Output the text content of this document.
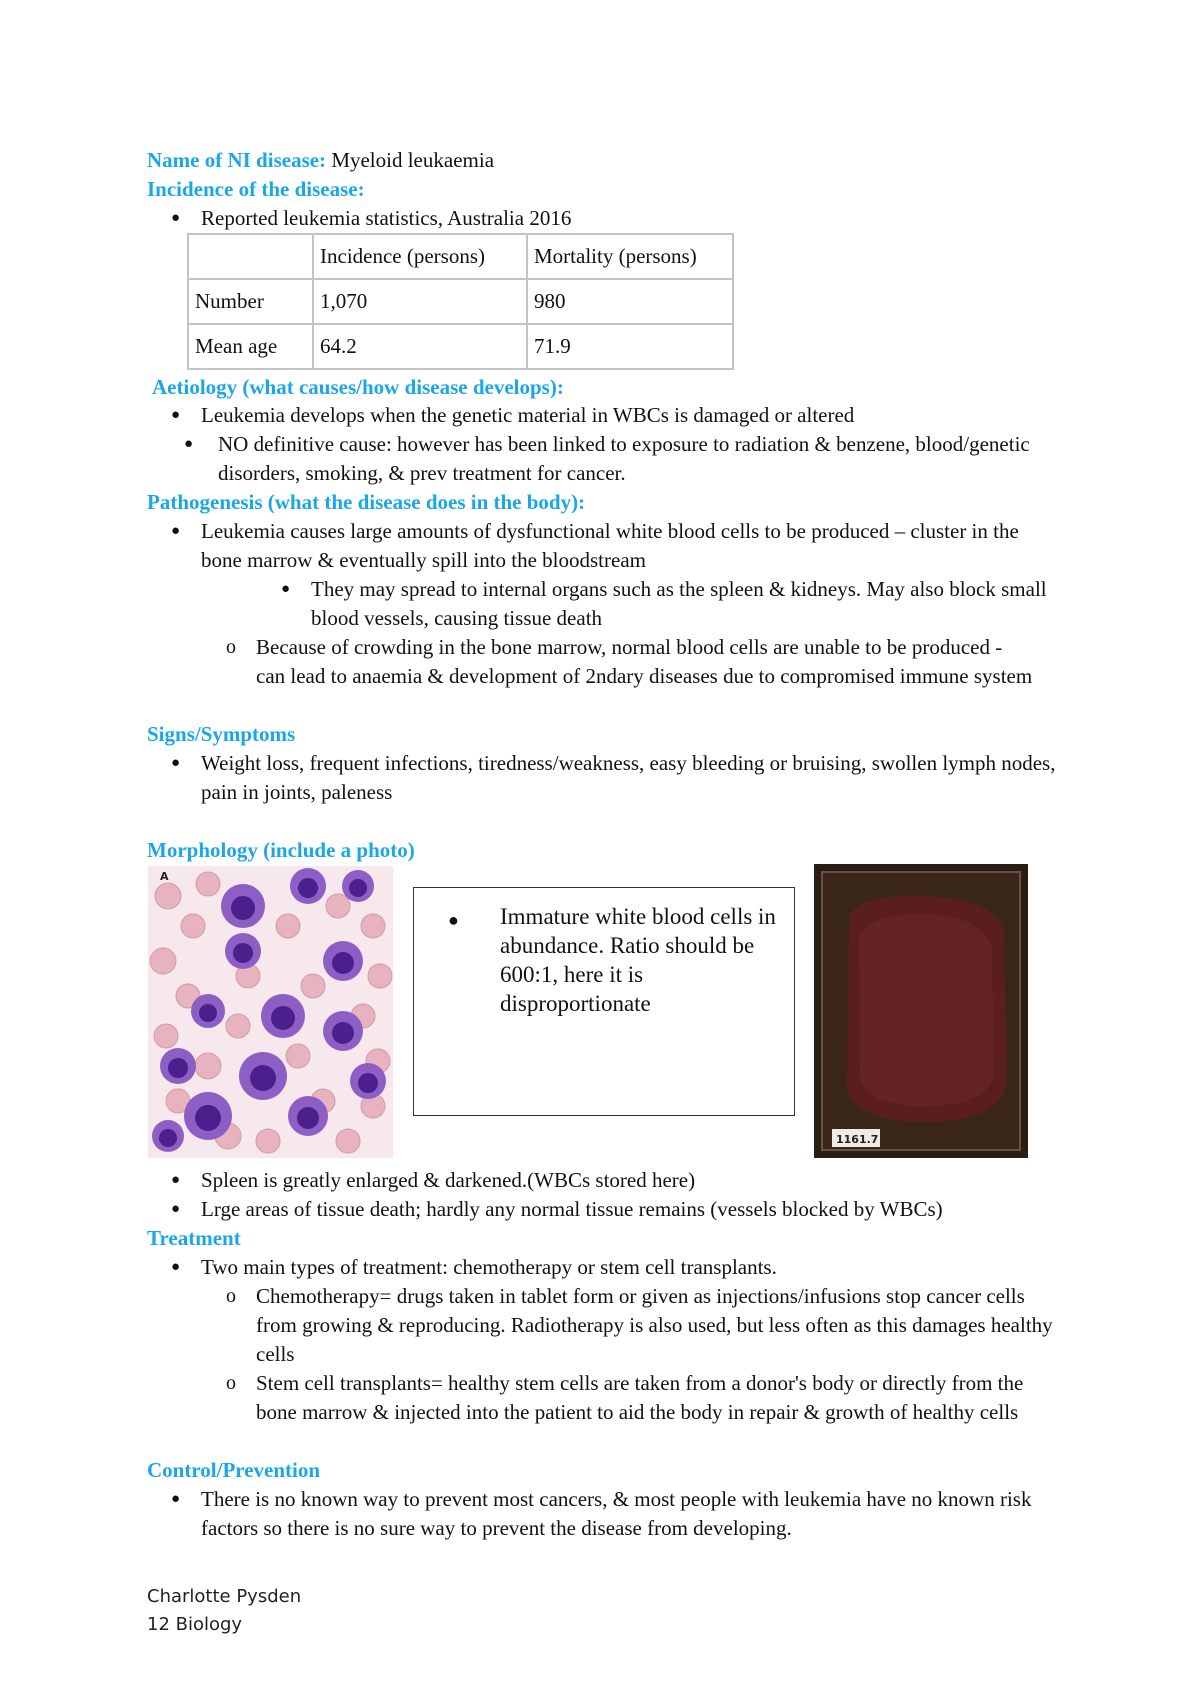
Name of NI disease: Myeloid leukaemia
Incidence of the disease:
● Reported leukemia statistics, Australia 2016
	Incidence (persons)	Mortality (persons)
Number	1,070	980
Mean age	64.2	71.9
Aetiology (what causes/how disease develops):
● Leukemia develops when the genetic material in WBCs is damaged or altered
● NO definitive cause: however has been linked to exposure to radiation & benzene, blood/genetic disorders, smoking, & prev treatment for cancer.
Pathogenesis (what the disease does in the body):
● Leukemia causes large amounts of dysfunctional white blood cells to be produced – cluster in the bone marrow & eventually spill into the bloodstream
● They may spread to internal organs such as the spleen & kidneys. May also block small blood vessels, causing tissue death
o Because of crowding in the bone marrow, normal blood cells are unable to be produced - can lead to anaemia & development of 2ndary diseases due to compromised immune system
Signs/Symptoms
● Weight loss, frequent infections, tiredness/weakness, easy bleeding or bruising, swollen lymph nodes, pain in joints, paleness
Morphology (include a photo)
A
● Immature white blood cells in abundance. Ratio should be 600:1, here it is disproportionate
1161.7
● Spleen is greatly enlarged & darkened.(WBCs stored here)
● Lrge areas of tissue death; hardly any normal tissue remains (vessels blocked by WBCs)
Treatment
● Two main types of treatment: chemotherapy or stem cell transplants.
o Chemotherapy= drugs taken in tablet form or given as injections/infusions stop cancer cells from growing & reproducing. Radiotherapy is also used, but less often as this damages healthy cells
o Stem cell transplants= healthy stem cells are taken from a donor's body or directly from the bone marrow & injected into the patient to aid the body in repair & growth of healthy cells
Control/Prevention
● There is no known way to prevent most cancers, & most people with leukemia have no known risk factors so there is no sure way to prevent the disease from developing.
Charlotte Pysden
12 Biology
